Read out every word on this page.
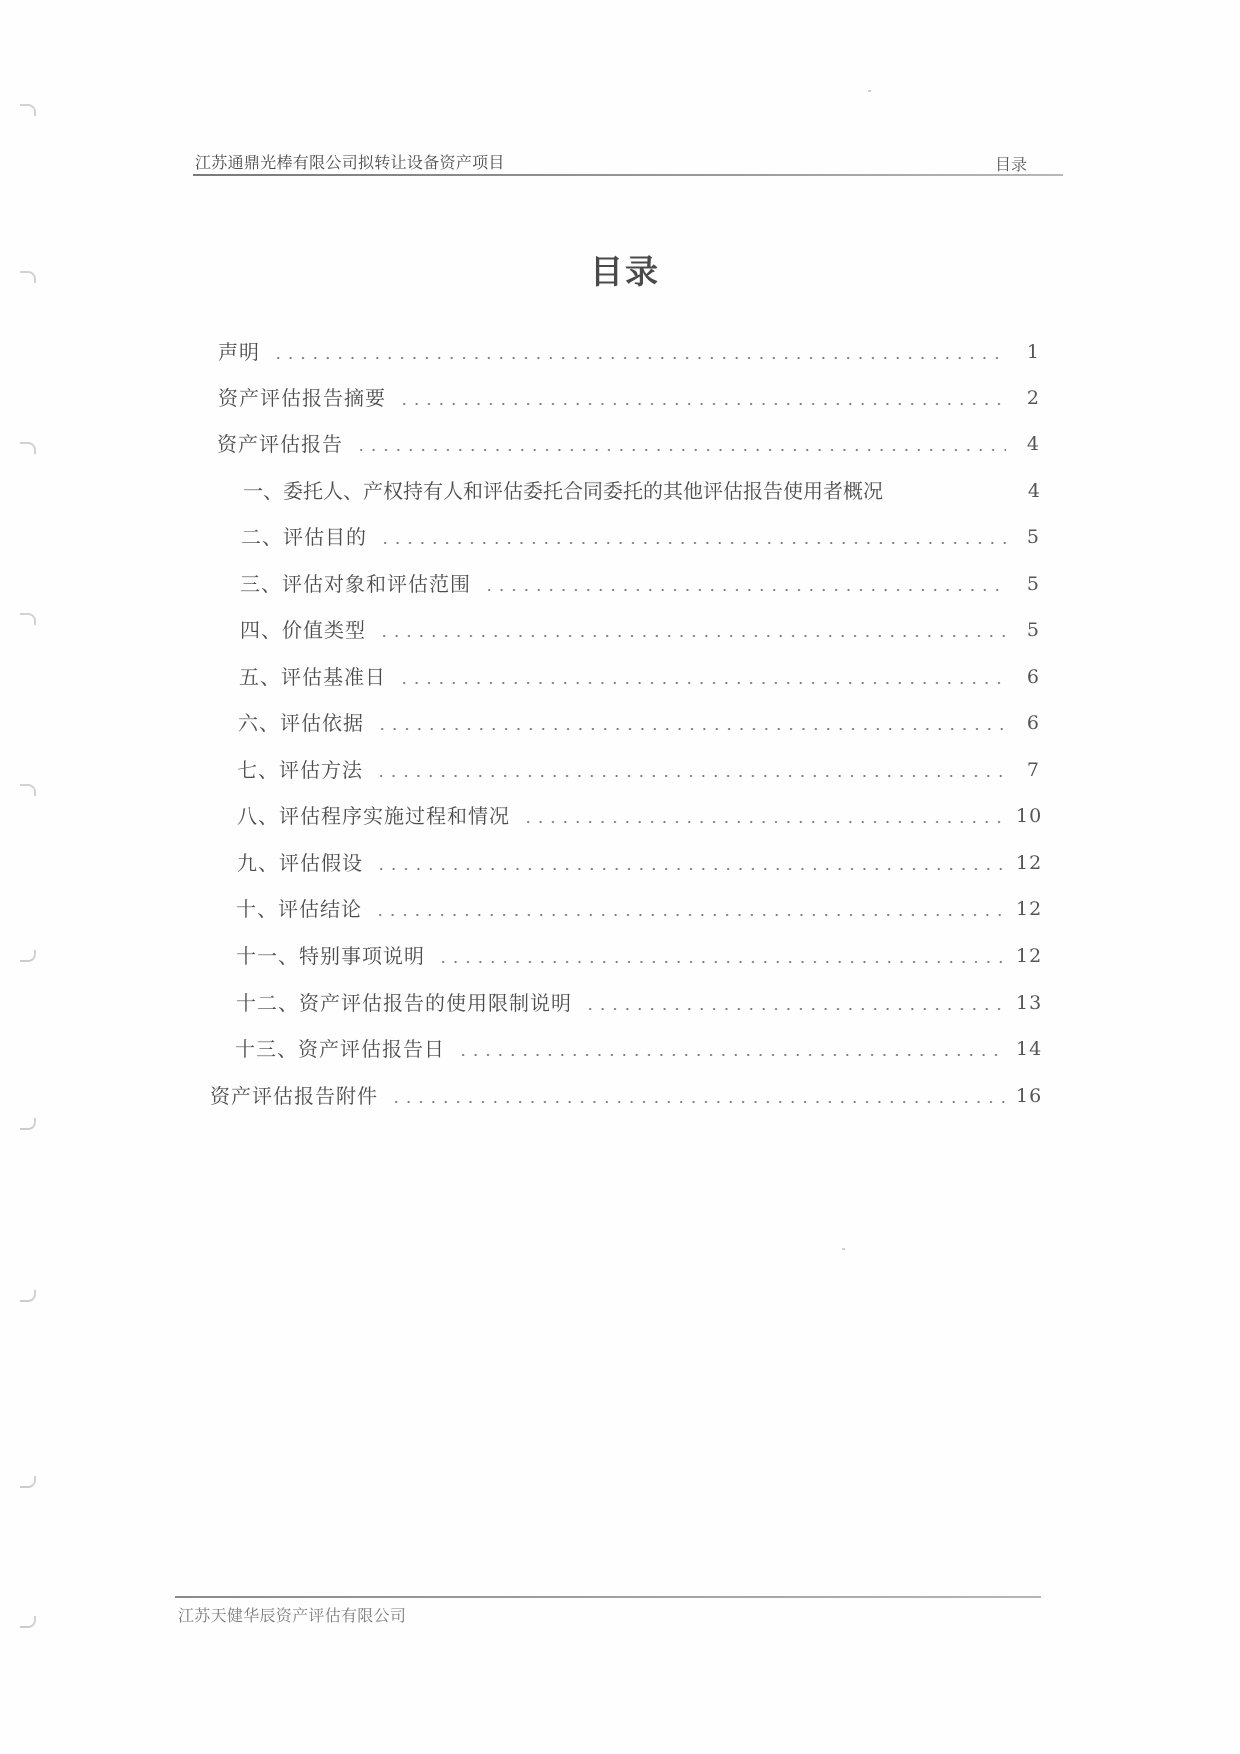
江苏通鼎光棒有限公司拟转让设备资产项目	目录
目录
声明	1
资产评估报告摘要	2
资产评估报告	4
一、委托人、产权持有人和评估委托合同委托的其他评估报告使用者概况	4
二、评估目的	5
三、评估对象和评估范围	5
四、价值类型	5
五、评估基准日	6
六、评估依据	6
七、评估方法	7
八、评估程序实施过程和情况	10
九、评估假设	12
十、评估结论	12
十一、特别事项说明	12
十二、资产评估报告的使用限制说明	13
十三、资产评估报告日	14
资产评估报告附件	16
江苏天健华辰资产评估有限公司
